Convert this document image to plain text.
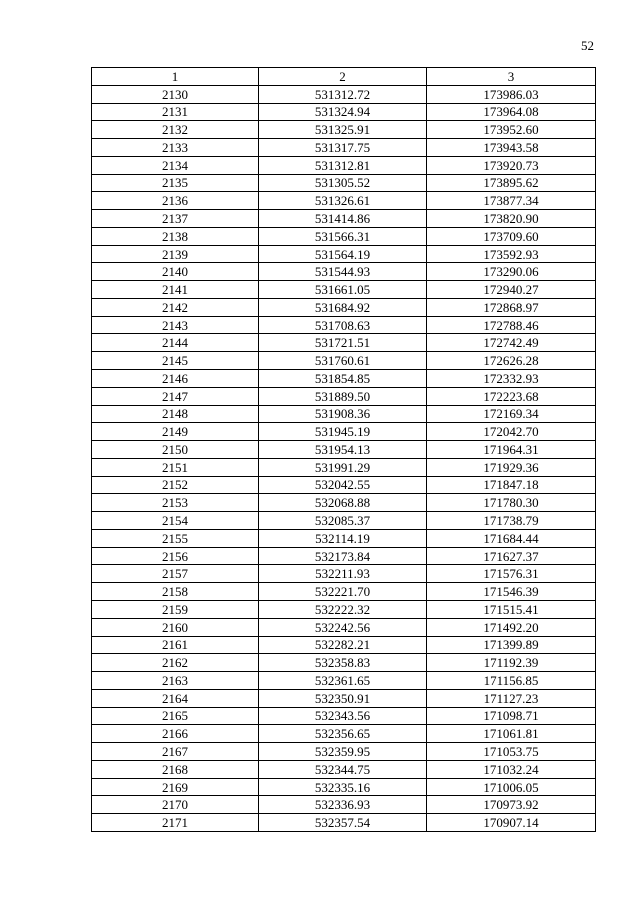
52
1	2	3
2130	531312.72	173986.03
2131	531324.94	173964.08
2132	531325.91	173952.60
2133	531317.75	173943.58
2134	531312.81	173920.73
2135	531305.52	173895.62
2136	531326.61	173877.34
2137	531414.86	173820.90
2138	531566.31	173709.60
2139	531564.19	173592.93
2140	531544.93	173290.06
2141	531661.05	172940.27
2142	531684.92	172868.97
2143	531708.63	172788.46
2144	531721.51	172742.49
2145	531760.61	172626.28
2146	531854.85	172332.93
2147	531889.50	172223.68
2148	531908.36	172169.34
2149	531945.19	172042.70
2150	531954.13	171964.31
2151	531991.29	171929.36
2152	532042.55	171847.18
2153	532068.88	171780.30
2154	532085.37	171738.79
2155	532114.19	171684.44
2156	532173.84	171627.37
2157	532211.93	171576.31
2158	532221.70	171546.39
2159	532222.32	171515.41
2160	532242.56	171492.20
2161	532282.21	171399.89
2162	532358.83	171192.39
2163	532361.65	171156.85
2164	532350.91	171127.23
2165	532343.56	171098.71
2166	532356.65	171061.81
2167	532359.95	171053.75
2168	532344.75	171032.24
2169	532335.16	171006.05
2170	532336.93	170973.92
2171	532357.54	170907.14
